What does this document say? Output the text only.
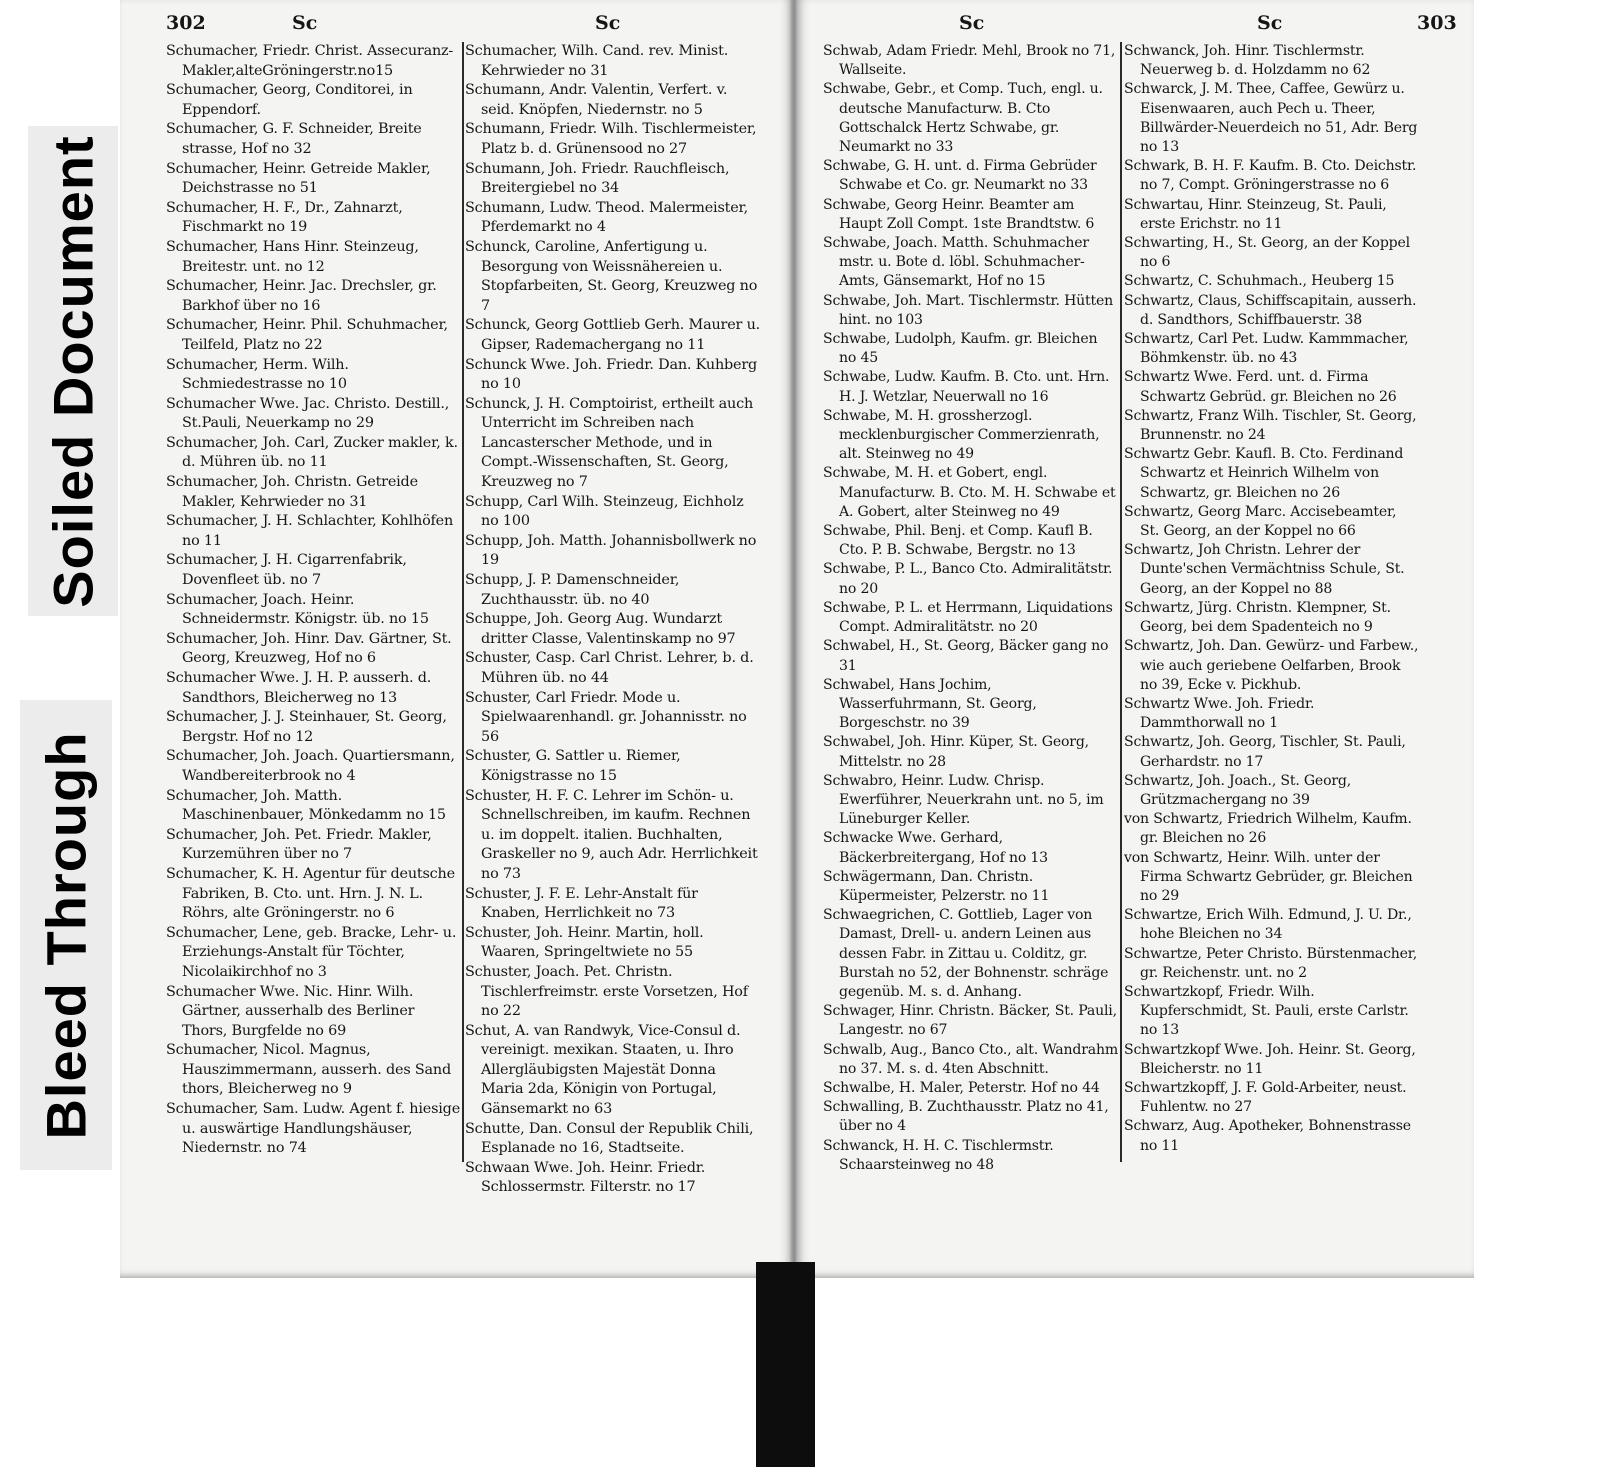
Soiled Document
Bleed Through
302	Sc	Sc
Schumacher, Friedr. Christ. Assecuranz-Makler,alteGröningerstr.no15
Schumacher, Georg, Conditorei, in Eppendorf.
Schumacher, G. F. Schneider, Breite strasse, Hof no 32
Schumacher, Heinr. Getreide Makler, Deichstrasse no 51
Schumacher, H. F., Dr., Zahnarzt, Fischmarkt no 19
Schumacher, Hans Hinr. Steinzeug, Breitestr. unt. no 12
Schumacher, Heinr. Jac. Drechsler, gr. Barkhof über no 16
Schumacher, Heinr. Phil. Schuhmacher, Teilfeld, Platz no 22
Schumacher, Herm. Wilh. Schmiedestrasse no 10
Schumacher Wwe. Jac. Christo. Destill., St.Pauli, Neuerkamp no 29
Schumacher, Joh. Carl, Zucker makler, k. d. Mühren üb. no 11
Schumacher, Joh. Christn. Getreide Makler, Kehrwieder no 31
Schumacher, J. H. Schlachter, Kohlhöfen no 11
Schumacher, J. H. Cigarrenfabrik, Dovenfleet üb. no 7
Schumacher, Joach. Heinr. Schneidermstr. Königstr. üb. no 15
Schumacher, Joh. Hinr. Dav. Gärtner, St. Georg, Kreuzweg, Hof no 6
Schumacher Wwe. J. H. P. ausserh. d. Sandthors, Bleicherweg no 13
Schumacher, J. J. Steinhauer, St. Georg, Bergstr. Hof no 12
Schumacher, Joh. Joach. Quartiersmann, Wandbereiterbrook no 4
Schumacher, Joh. Matth. Maschinenbauer, Mönkedamm no 15
Schumacher, Joh. Pet. Friedr. Makler, Kurzemühren über no 7
Schumacher, K. H. Agentur für deutsche Fabriken, B. Cto. unt. Hrn. J. N. L. Röhrs, alte Gröningerstr. no 6
Schumacher, Lene, geb. Bracke, Lehr- u. Erziehungs-Anstalt für Töchter, Nicolaikirchhof no 3
Schumacher Wwe. Nic. Hinr. Wilh. Gärtner, ausserhalb des Berliner Thors, Burgfelde no 69
Schumacher, Nicol. Magnus, Hauszimmermann, ausserh. des Sand thors, Bleicherweg no 9
Schumacher, Sam. Ludw. Agent f. hiesige u. auswärtige Handlungshäuser, Niedernstr. no 74
Schumacher, Wilh. Cand. rev. Minist. Kehrwieder no 31
Schumann, Andr. Valentin, Verfert. v. seid. Knöpfen, Niedernstr. no 5
Schumann, Friedr. Wilh. Tischlermeister, Platz b. d. Grünensood no 27
Schumann, Joh. Friedr. Rauchfleisch, Breitergiebel no 34
Schumann, Ludw. Theod. Malermeister, Pferdemarkt no 4
Schunck, Caroline, Anfertigung u. Besorgung von Weissnähereien u. Stopfarbeiten, St. Georg, Kreuzweg no 7
Schunck, Georg Gottlieb Gerh. Maurer u. Gipser, Rademachergang no 11
Schunck Wwe. Joh. Friedr. Dan. Kuhberg no 10
Schunck, J. H. Comptoirist, ertheilt auch Unterricht im Schreiben nach Lancasterscher Methode, und in Compt.-Wissenschaften, St. Georg, Kreuzweg no 7
Schupp, Carl Wilh. Steinzeug, Eichholz no 100
Schupp, Joh. Matth. Johannisbollwerk no 19
Schupp, J. P. Damenschneider, Zuchthausstr. üb. no 40
Schuppe, Joh. Georg Aug. Wundarzt dritter Classe, Valentinskamp no 97
Schuster, Casp. Carl Christ. Lehrer, b. d. Mühren üb. no 44
Schuster, Carl Friedr. Mode u. Spielwaarenhandl. gr. Johannisstr. no 56
Schuster, G. Sattler u. Riemer, Königstrasse no 15
Schuster, H. F. C. Lehrer im Schön- u. Schnellschreiben, im kaufm. Rechnen u. im doppelt. italien. Buchhalten, Graskeller no 9, auch Adr. Herrlichkeit no 73
Schuster, J. F. E. Lehr-Anstalt für Knaben, Herrlichkeit no 73
Schuster, Joh. Heinr. Martin, holl. Waaren, Springeltwiete no 55
Schuster, Joach. Pet. Christn. Tischlerfreimstr. erste Vorsetzen, Hof no 22
Schut, A. van Randwyk, Vice-Consul d. vereinigt. mexikan. Staaten, u. Ihro Allergläubigsten Majestät Donna Maria 2da, Königin von Portugal, Gänsemarkt no 63
Schutte, Dan. Consul der Republik Chili, Esplanade no 16, Stadtseite.
Schwaan Wwe. Joh. Heinr. Friedr. Schlossermstr. Filterstr. no 17
Sc	Sc	303
Schwab, Adam Friedr. Mehl, Brook no 71, Wallseite.
Schwabe, Gebr., et Comp. Tuch, engl. u. deutsche Manufacturw. B. Cto Gottschalck Hertz Schwabe, gr. Neumarkt no 33
Schwabe, G. H. unt. d. Firma Gebrüder Schwabe et Co. gr. Neumarkt no 33
Schwabe, Georg Heinr. Beamter am Haupt Zoll Compt. 1ste Brandtstw. 6
Schwabe, Joach. Matth. Schuhmacher mstr. u. Bote d. löbl. Schuhmacher-Amts, Gänsemarkt, Hof no 15
Schwabe, Joh. Mart. Tischlermstr. Hütten hint. no 103
Schwabe, Ludolph, Kaufm. gr. Bleichen no 45
Schwabe, Ludw. Kaufm. B. Cto. unt. Hrn. H. J. Wetzlar, Neuerwall no 16
Schwabe, M. H. grossherzogl. mecklenburgischer Commerzienrath, alt. Steinweg no 49
Schwabe, M. H. et Gobert, engl. Manufacturw. B. Cto. M. H. Schwabe et A. Gobert, alter Steinweg no 49
Schwabe, Phil. Benj. et Comp. Kaufl B. Cto. P. B. Schwabe, Bergstr. no 13
Schwabe, P. L., Banco Cto. Admiralitätstr. no 20
Schwabe, P. L. et Herrmann, Liquidations Compt. Admiralitätstr. no 20
Schwabel, H., St. Georg, Bäcker gang no 31
Schwabel, Hans Jochim, Wasserfuhrmann, St. Georg, Borgeschstr. no 39
Schwabel, Joh. Hinr. Küper, St. Georg, Mittelstr. no 28
Schwabro, Heinr. Ludw. Chrisp. Ewerführer, Neuerkrahn unt. no 5, im Lüneburger Keller.
Schwacke Wwe. Gerhard, Bäckerbreitergang, Hof no 13
Schwägermann, Dan. Christn. Küpermeister, Pelzerstr. no 11
Schwaegrichen, C. Gottlieb, Lager von Damast, Drell- u. andern Leinen aus dessen Fabr. in Zittau u. Colditz, gr. Burstah no 52, der Bohnenstr. schräge gegenüb. M. s. d. Anhang.
Schwager, Hinr. Christn. Bäcker, St. Pauli, Langestr. no 67
Schwalb, Aug., Banco Cto., alt. Wandrahm no 37. M. s. d. 4ten Abschnitt.
Schwalbe, H. Maler, Peterstr. Hof no 44
Schwalling, B. Zuchthausstr. Platz no 41, über no 4
Schwanck, H. H. C. Tischlermstr. Schaarsteinweg no 48
Schwanck, Joh. Hinr. Tischlermstr. Neuerweg b. d. Holzdamm no 62
Schwarck, J. M. Thee, Caffee, Gewürz u. Eisenwaaren, auch Pech u. Theer, Billwärder-Neuerdeich no 51, Adr. Berg no 13
Schwark, B. H. F. Kaufm. B. Cto. Deichstr. no 7, Compt. Gröningerstrasse no 6
Schwartau, Hinr. Steinzeug, St. Pauli, erste Erichstr. no 11
Schwarting, H., St. Georg, an der Koppel no 6
Schwartz, C. Schuhmach., Heuberg 15
Schwartz, Claus, Schiffscapitain, ausserh. d. Sandthors, Schiffbauerstr. 38
Schwartz, Carl Pet. Ludw. Kammmacher, Böhmkenstr. üb. no 43
Schwartz Wwe. Ferd. unt. d. Firma Schwartz Gebrüd. gr. Bleichen no 26
Schwartz, Franz Wilh. Tischler, St. Georg, Brunnenstr. no 24
Schwartz Gebr. Kaufl. B. Cto. Ferdinand Schwartz et Heinrich Wilhelm von Schwartz, gr. Bleichen no 26
Schwartz, Georg Marc. Accisebeamter, St. Georg, an der Koppel no 66
Schwartz, Joh Christn. Lehrer der Dunte'schen Vermächtniss Schule, St. Georg, an der Koppel no 88
Schwartz, Jürg. Christn. Klempner, St. Georg, bei dem Spadenteich no 9
Schwartz, Joh. Dan. Gewürz- und Farbew., wie auch geriebene Oelfarben, Brook no 39, Ecke v. Pickhub.
Schwartz Wwe. Joh. Friedr. Dammthorwall no 1
Schwartz, Joh. Georg, Tischler, St. Pauli, Gerhardstr. no 17
Schwartz, Joh. Joach., St. Georg, Grützmachergang no 39
von Schwartz, Friedrich Wilhelm, Kaufm. gr. Bleichen no 26
von Schwartz, Heinr. Wilh. unter der Firma Schwartz Gebrüder, gr. Bleichen no 29
Schwartze, Erich Wilh. Edmund, J. U. Dr., hohe Bleichen no 34
Schwartze, Peter Christo. Bürstenmacher, gr. Reichenstr. unt. no 2
Schwartzkopf, Friedr. Wilh. Kupferschmidt, St. Pauli, erste Carlstr. no 13
Schwartzkopf Wwe. Joh. Heinr. St. Georg, Bleicherstr. no 11
Schwartzkopff, J. F. Gold-Arbeiter, neust. Fuhlentw. no 27
Schwarz, Aug. Apotheker, Bohnenstrasse no 11
